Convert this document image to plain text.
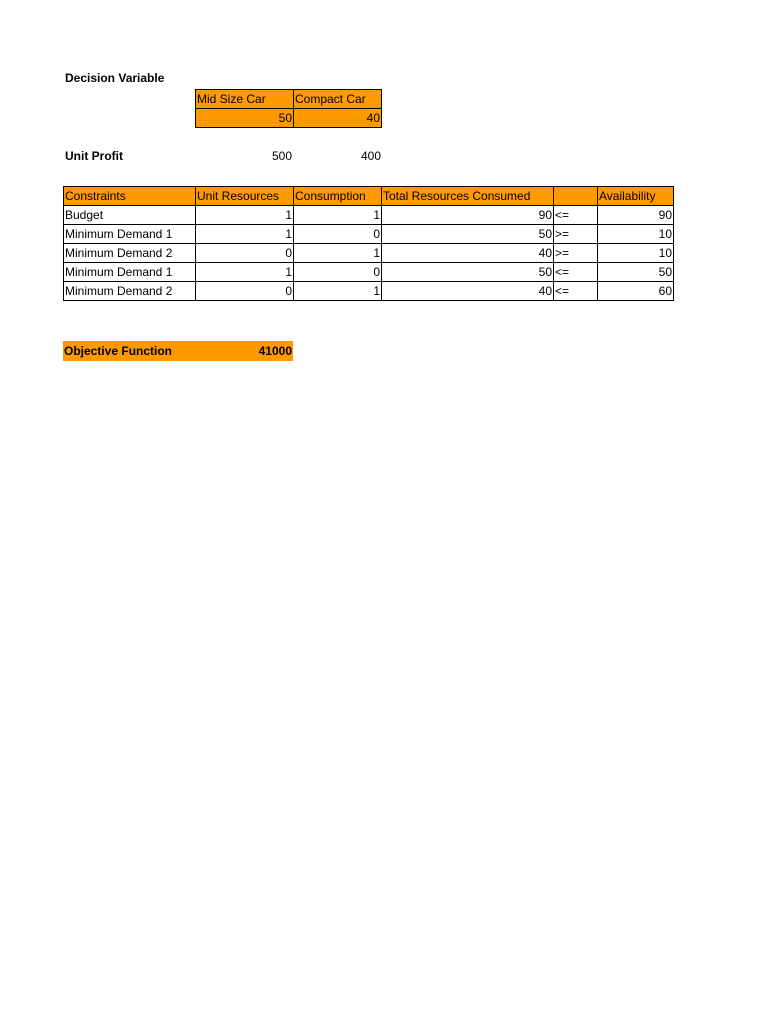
Decision Variable
Mid Size Car	Compact Car
50	40
Unit Profit	500	400
Constraints	Unit Resources	Consumption	Total Resources Consumed		Availability
Budget	1	1	90	<=	90
Minimum Demand 1	1	0	50	>=	10
Minimum Demand 2	0	1	40	>=	10
Minimum Demand 1	1	0	50	<=	50
Minimum Demand 2	0	1	40	<=	60
Objective Function	41000
